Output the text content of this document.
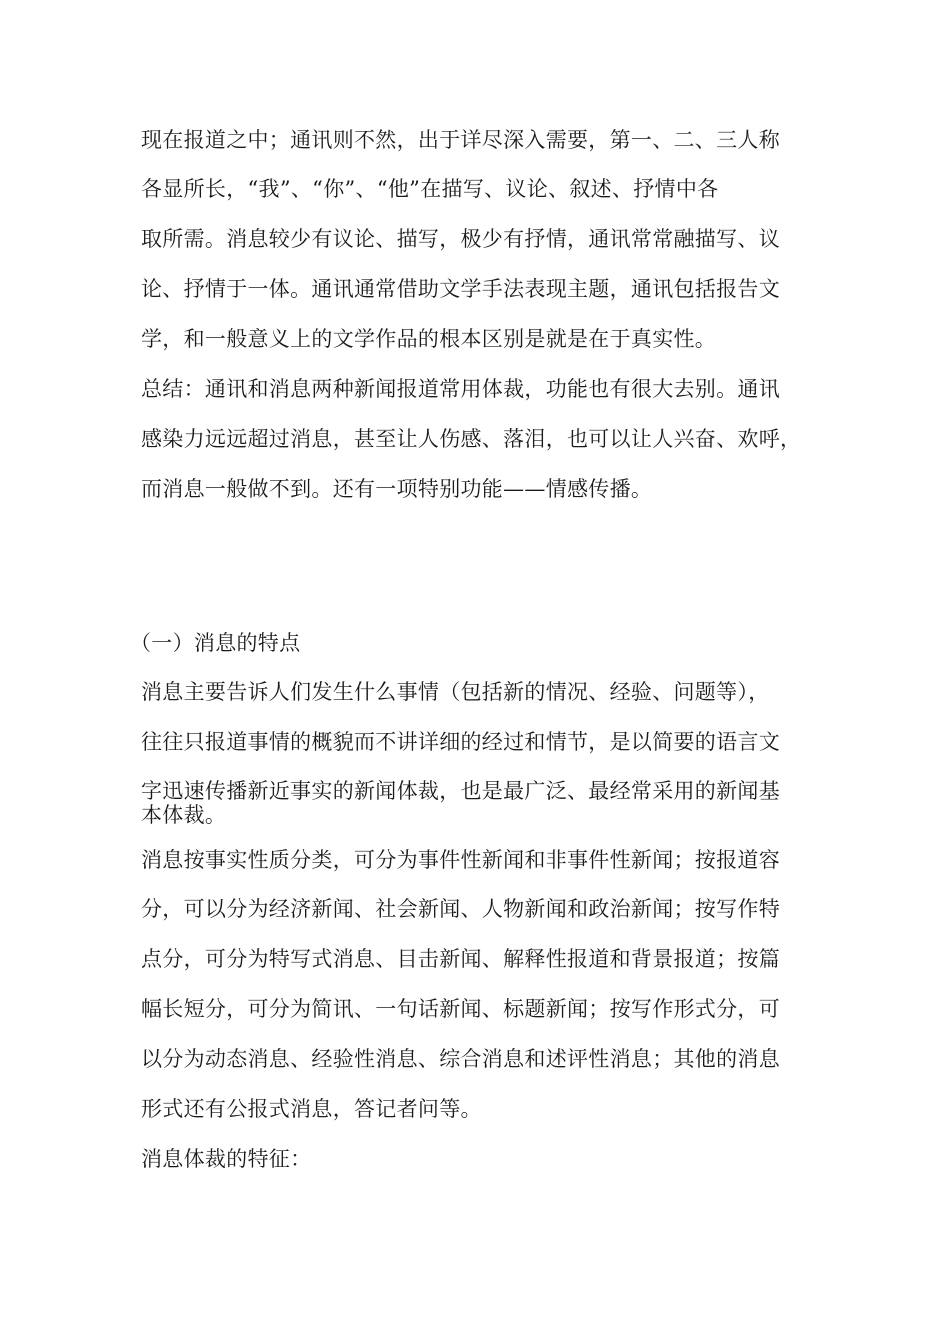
现在报道之中；通讯则不然，出于详尽深入需要，第一、二、三人称
各显所长，“我”、“你”、“他”在描写、议论、叙述、抒情中各
取所需。消息较少有议论、描写，极少有抒情，通讯常常融描写、议
论、抒情于一体。通讯通常借助文学手法表现主题，通讯包括报告文
学，和一般意义上的文学作品的根本区别是就是在于真实性。
总结：通讯和消息两种新闻报道常用体裁，功能也有很大去别。通讯
感染力远远超过消息，甚至让人伤感、落泪，也可以让人兴奋、欢呼，
而消息一般做不到。还有一项特别功能——情感传播。
（一）消息的特点
消息主要告诉人们发生什么事情（包括新的情况、经验、问题等），
往往只报道事情的概貌而不讲详细的经过和情节，是以简要的语言文
字迅速传播新近事实的新闻体裁，也是最广泛、最经常采用的新闻基
本体裁。
消息按事实性质分类，可分为事件性新闻和非事件性新闻；按报道容
分，可以分为经济新闻、社会新闻、人物新闻和政治新闻；按写作特
点分，可分为特写式消息、目击新闻、解释性报道和背景报道；按篇
幅长短分，可分为简讯、一句话新闻、标题新闻；按写作形式分，可
以分为动态消息、经验性消息、综合消息和述评性消息；其他的消息
形式还有公报式消息，答记者问等。
消息体裁的特征：
